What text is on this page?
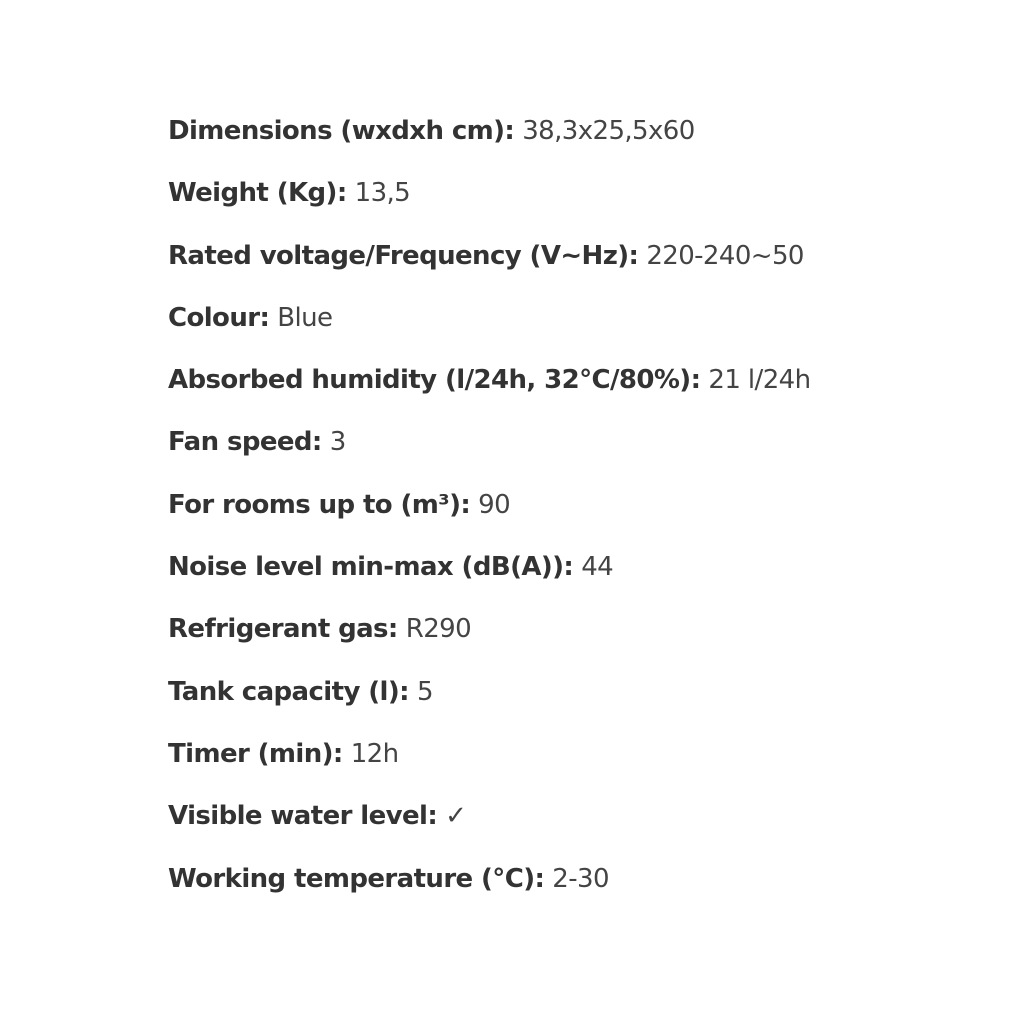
Dimensions (wxdxh cm): 38,3x25,5x60
Weight (Kg): 13,5
Rated voltage/Frequency (V~Hz): 220-240~50
Colour: Blue
Absorbed humidity (l/24h, 32°C/80%): 21 l/24h
Fan speed: 3
For rooms up to (m³): 90
Noise level min-max (dB(A)): 44
Refrigerant gas: R290
Tank capacity (l): 5
Timer (min): 12h
Visible water level: ✓
Working temperature (°C): 2-30
